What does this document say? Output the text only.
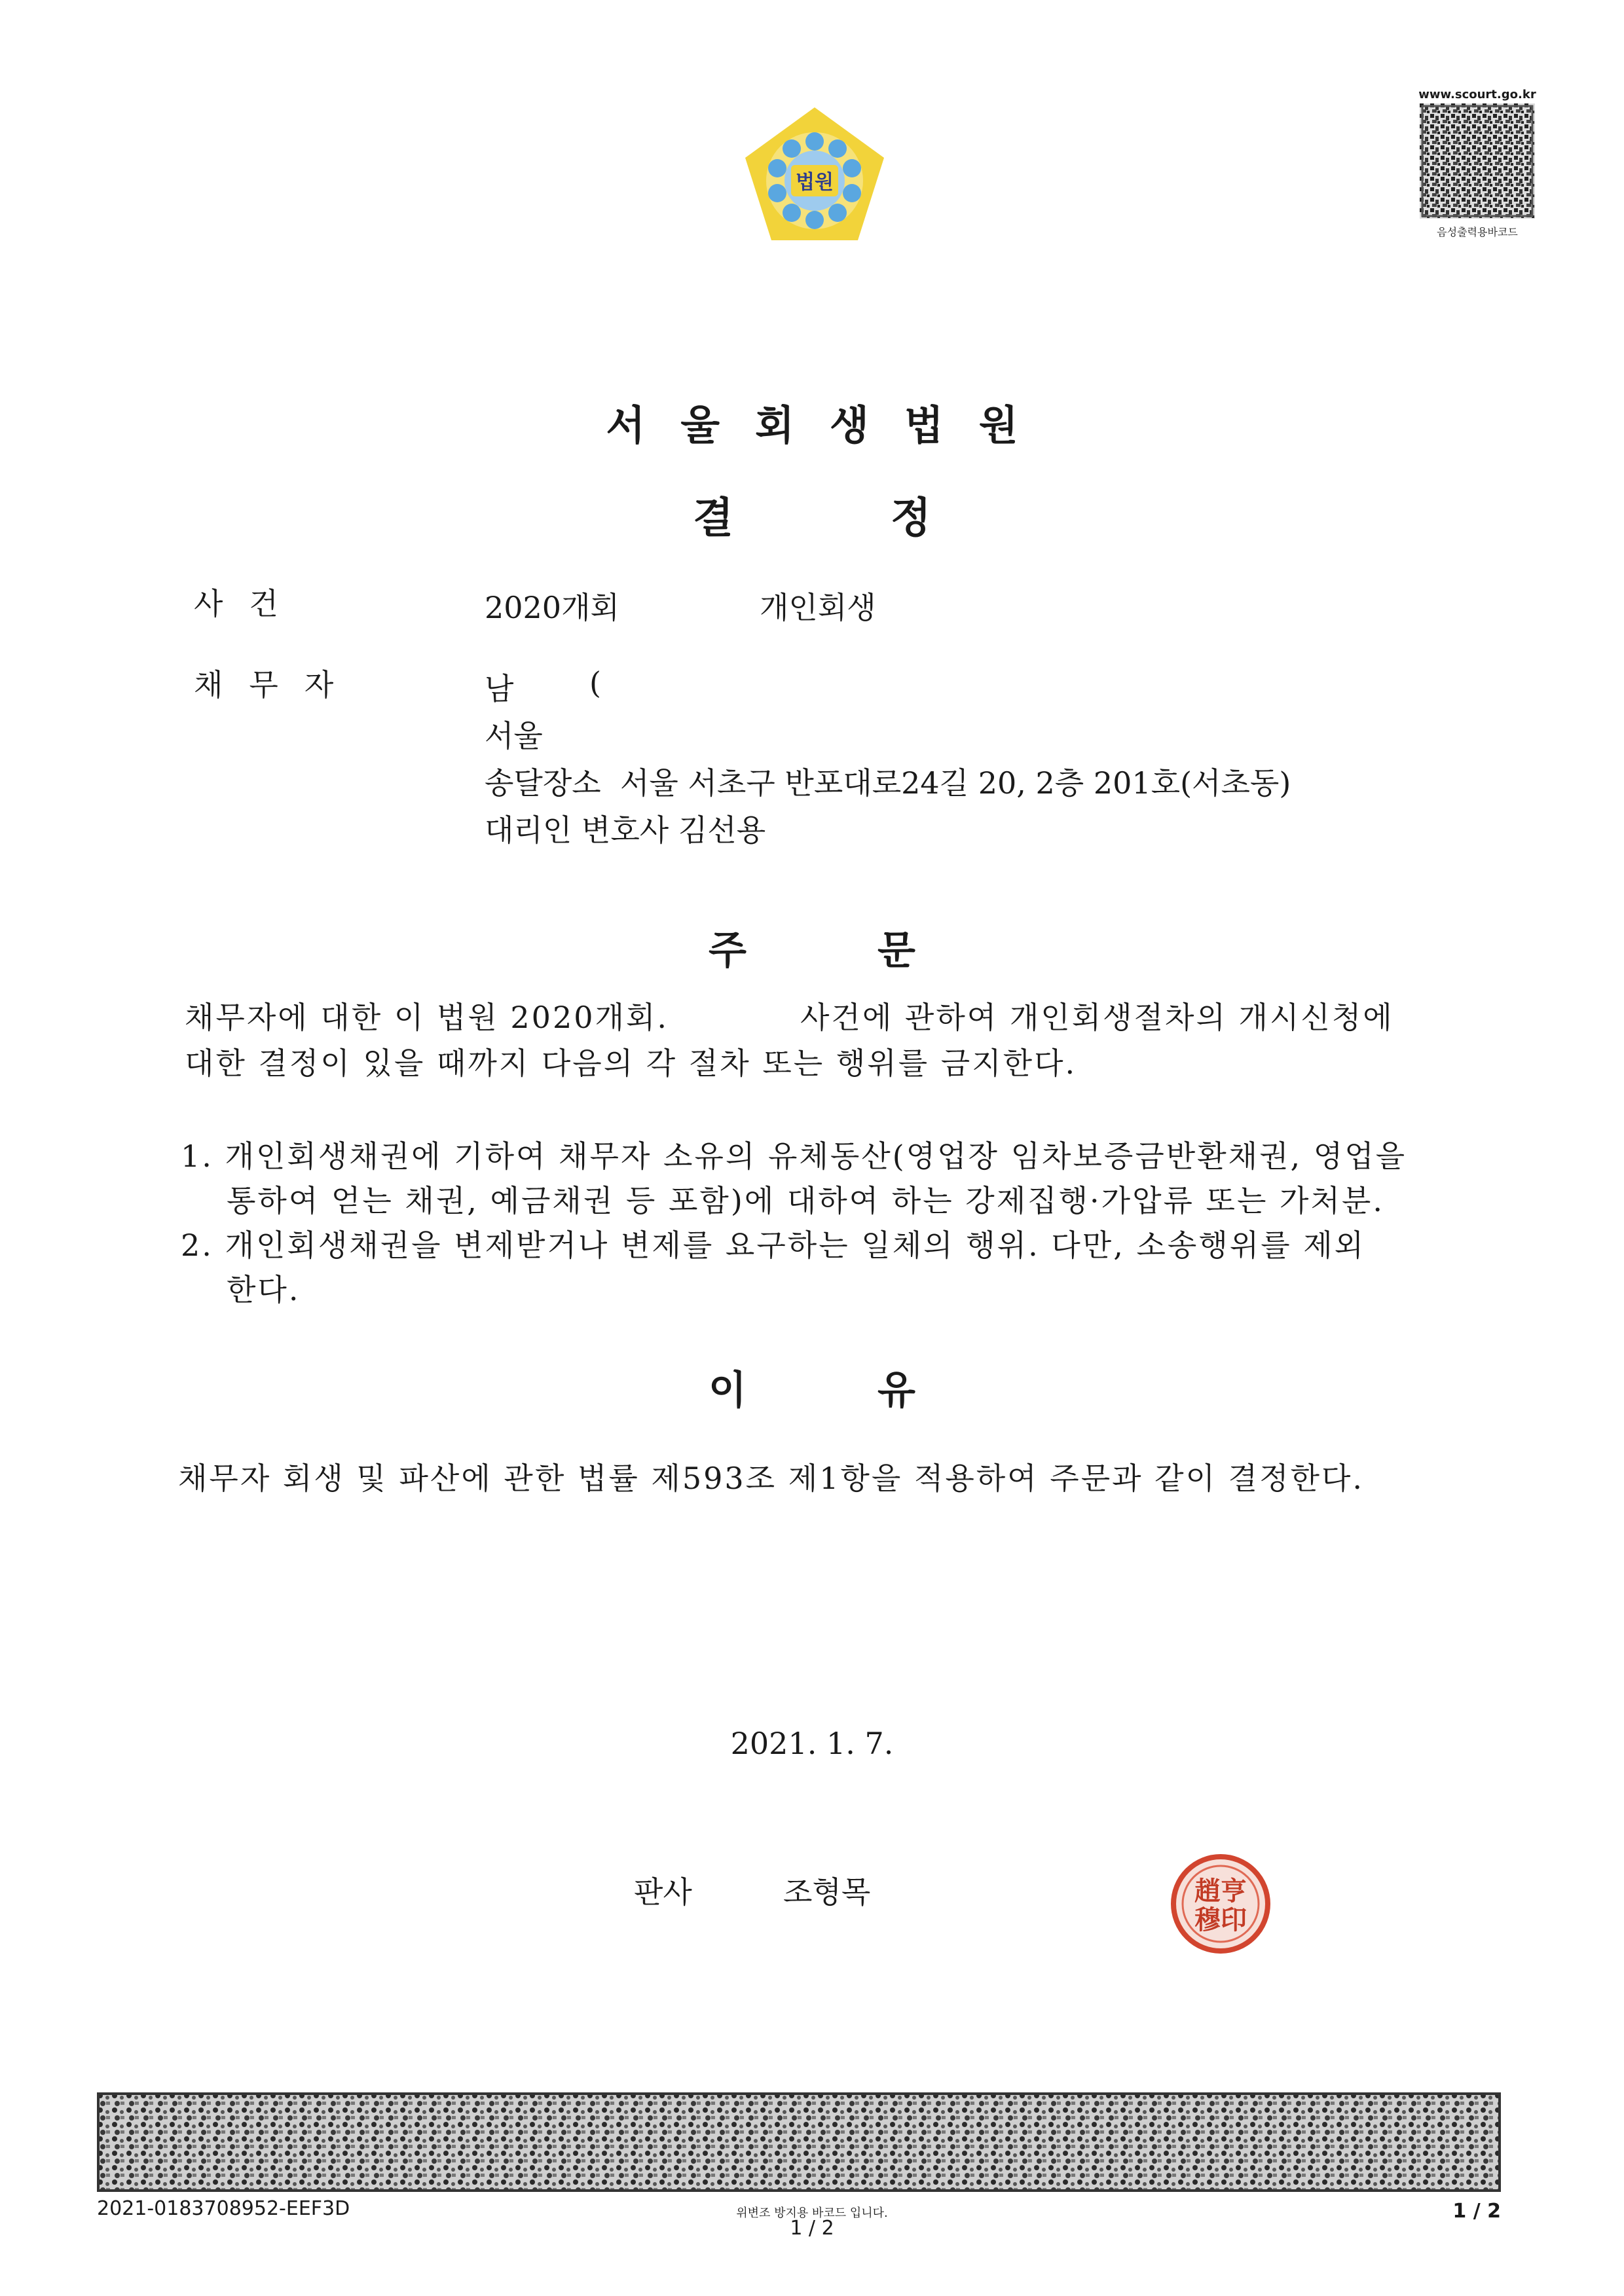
법원
www.scourt.go.kr
음성출력용바코드
서울회생법원
결정
사건	2020개회	개인회생
채무자	남	(
서울
송달장소  서울 서초구 반포대로24길 20, 2층 201호(서초동)
대리인 변호사 김선용
주문
채무자에 대한 이 법원 2020개회.	사건에 관하여 개인회생절차의 개시신청에
대한 결정이 있을 때까지 다음의 각 절차 또는 행위를 금지한다.
1. 개인회생채권에 기하여 채무자 소유의 유체동산(영업장 임차보증금반환채권, 영업을
통하여 얻는 채권, 예금채권 등 포함)에 대하여 하는 강제집행·가압류 또는 가처분.
2. 개인회생채권을 변제받거나 변제를 요구하는 일체의 행위. 다만, 소송행위를 제외
한다.
이유
채무자 회생 및 파산에 관한 법률 제593조 제1항을 적용하여 주문과 같이 결정한다.
2021. 1. 7.
판사	조형목	趙亨
穆印
2021-0183708952-EEF3D	위변조 방지용 바코드 입니다.
1 / 2
1 / 2
